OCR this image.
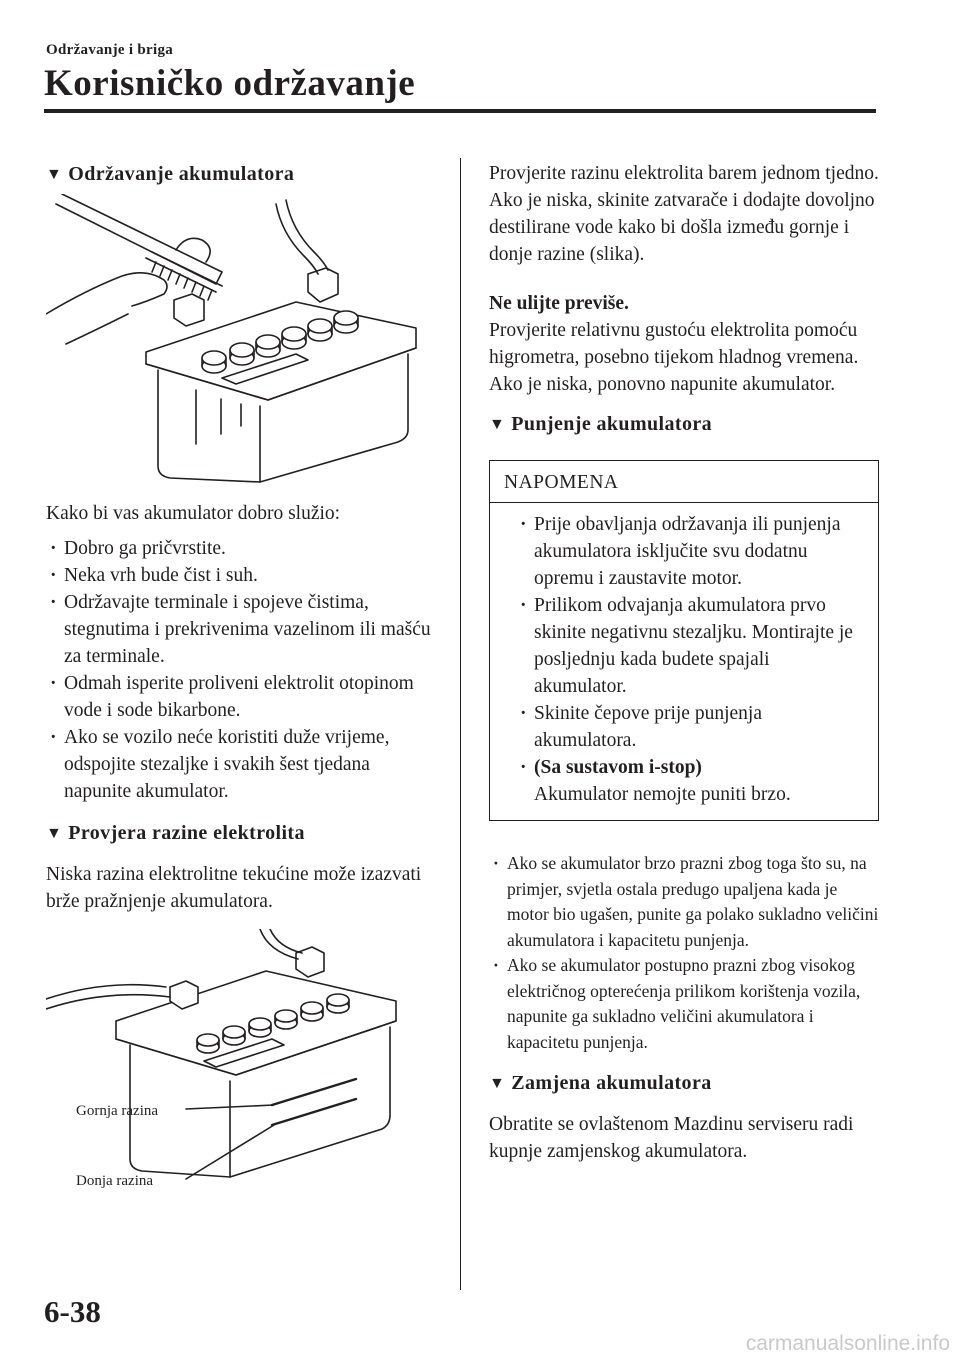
Održavanje i briga
Korisničko održavanje
▼ Održavanje akumulatora

Kako bi vas akumulator dobro služio:

· Dobro ga pričvrstite.
· Neka vrh bude čist i suh.
· Održavajte terminale i spojeve čistima, stegnutima i prekrivenima vazelinom ili mašću za terminale.
· Odmah isperite proliveni elektrolit otopinom vode i sode bikarbone.
· Ako se vozilo neće koristiti duže vrijeme, odspojite stezaljke i svakih šest tjedana napunite akumulator.
▼ Provjera razine elektrolita

Niska razina elektrolitne tekućine može izazvati brže pražnjenje akumulatora.

Gornja razina
Donja razina

Provjerite razinu elektrolita barem jednom tjedno. Ako je niska, skinite zatvarače i dodajte dovoljno destilirane vode kako bi došla između gornje i donje razine (slika).

Ne ulijte previše.

Provjerite relativnu gustoću elektrolita pomoću higrometra, posebno tijekom hladnog vremena. Ako je niska, ponovno napunite akumulator.

▼ Punjenje akumulatora
NAPOMENA
· Prije obavljanja održavanja ili punjenja akumulatora isključite svu dodatnu opremu i zaustavite motor.
· Prilikom odvajanja akumulatora prvo skinite negativnu stezaljku. Montirajte je posljednju kada budete spajali akumulator.
· Skinite čepove prije punjenja akumulatora.
· (Sa sustavom i-stop)
Akumulator nemojte puniti brzo.
· Ako se akumulator brzo prazni zbog toga što su, na primjer, svjetla ostala predugo upaljena kada je motor bio ugašen, punite ga polako sukladno veličini akumulatora i kapacitetu punjenja.
· Ako se akumulator postupno prazni zbog visokog električnog opterećenja prilikom korištenja vozila, napunite ga sukladno veličini akumulatora i kapacitetu punjenja.
▼ Zamjena akumulatora

Obratite se ovlaštenom Mazdinu serviseru radi kupnje zamjenskog akumulatora.

6-38
carmanualsonline.info
